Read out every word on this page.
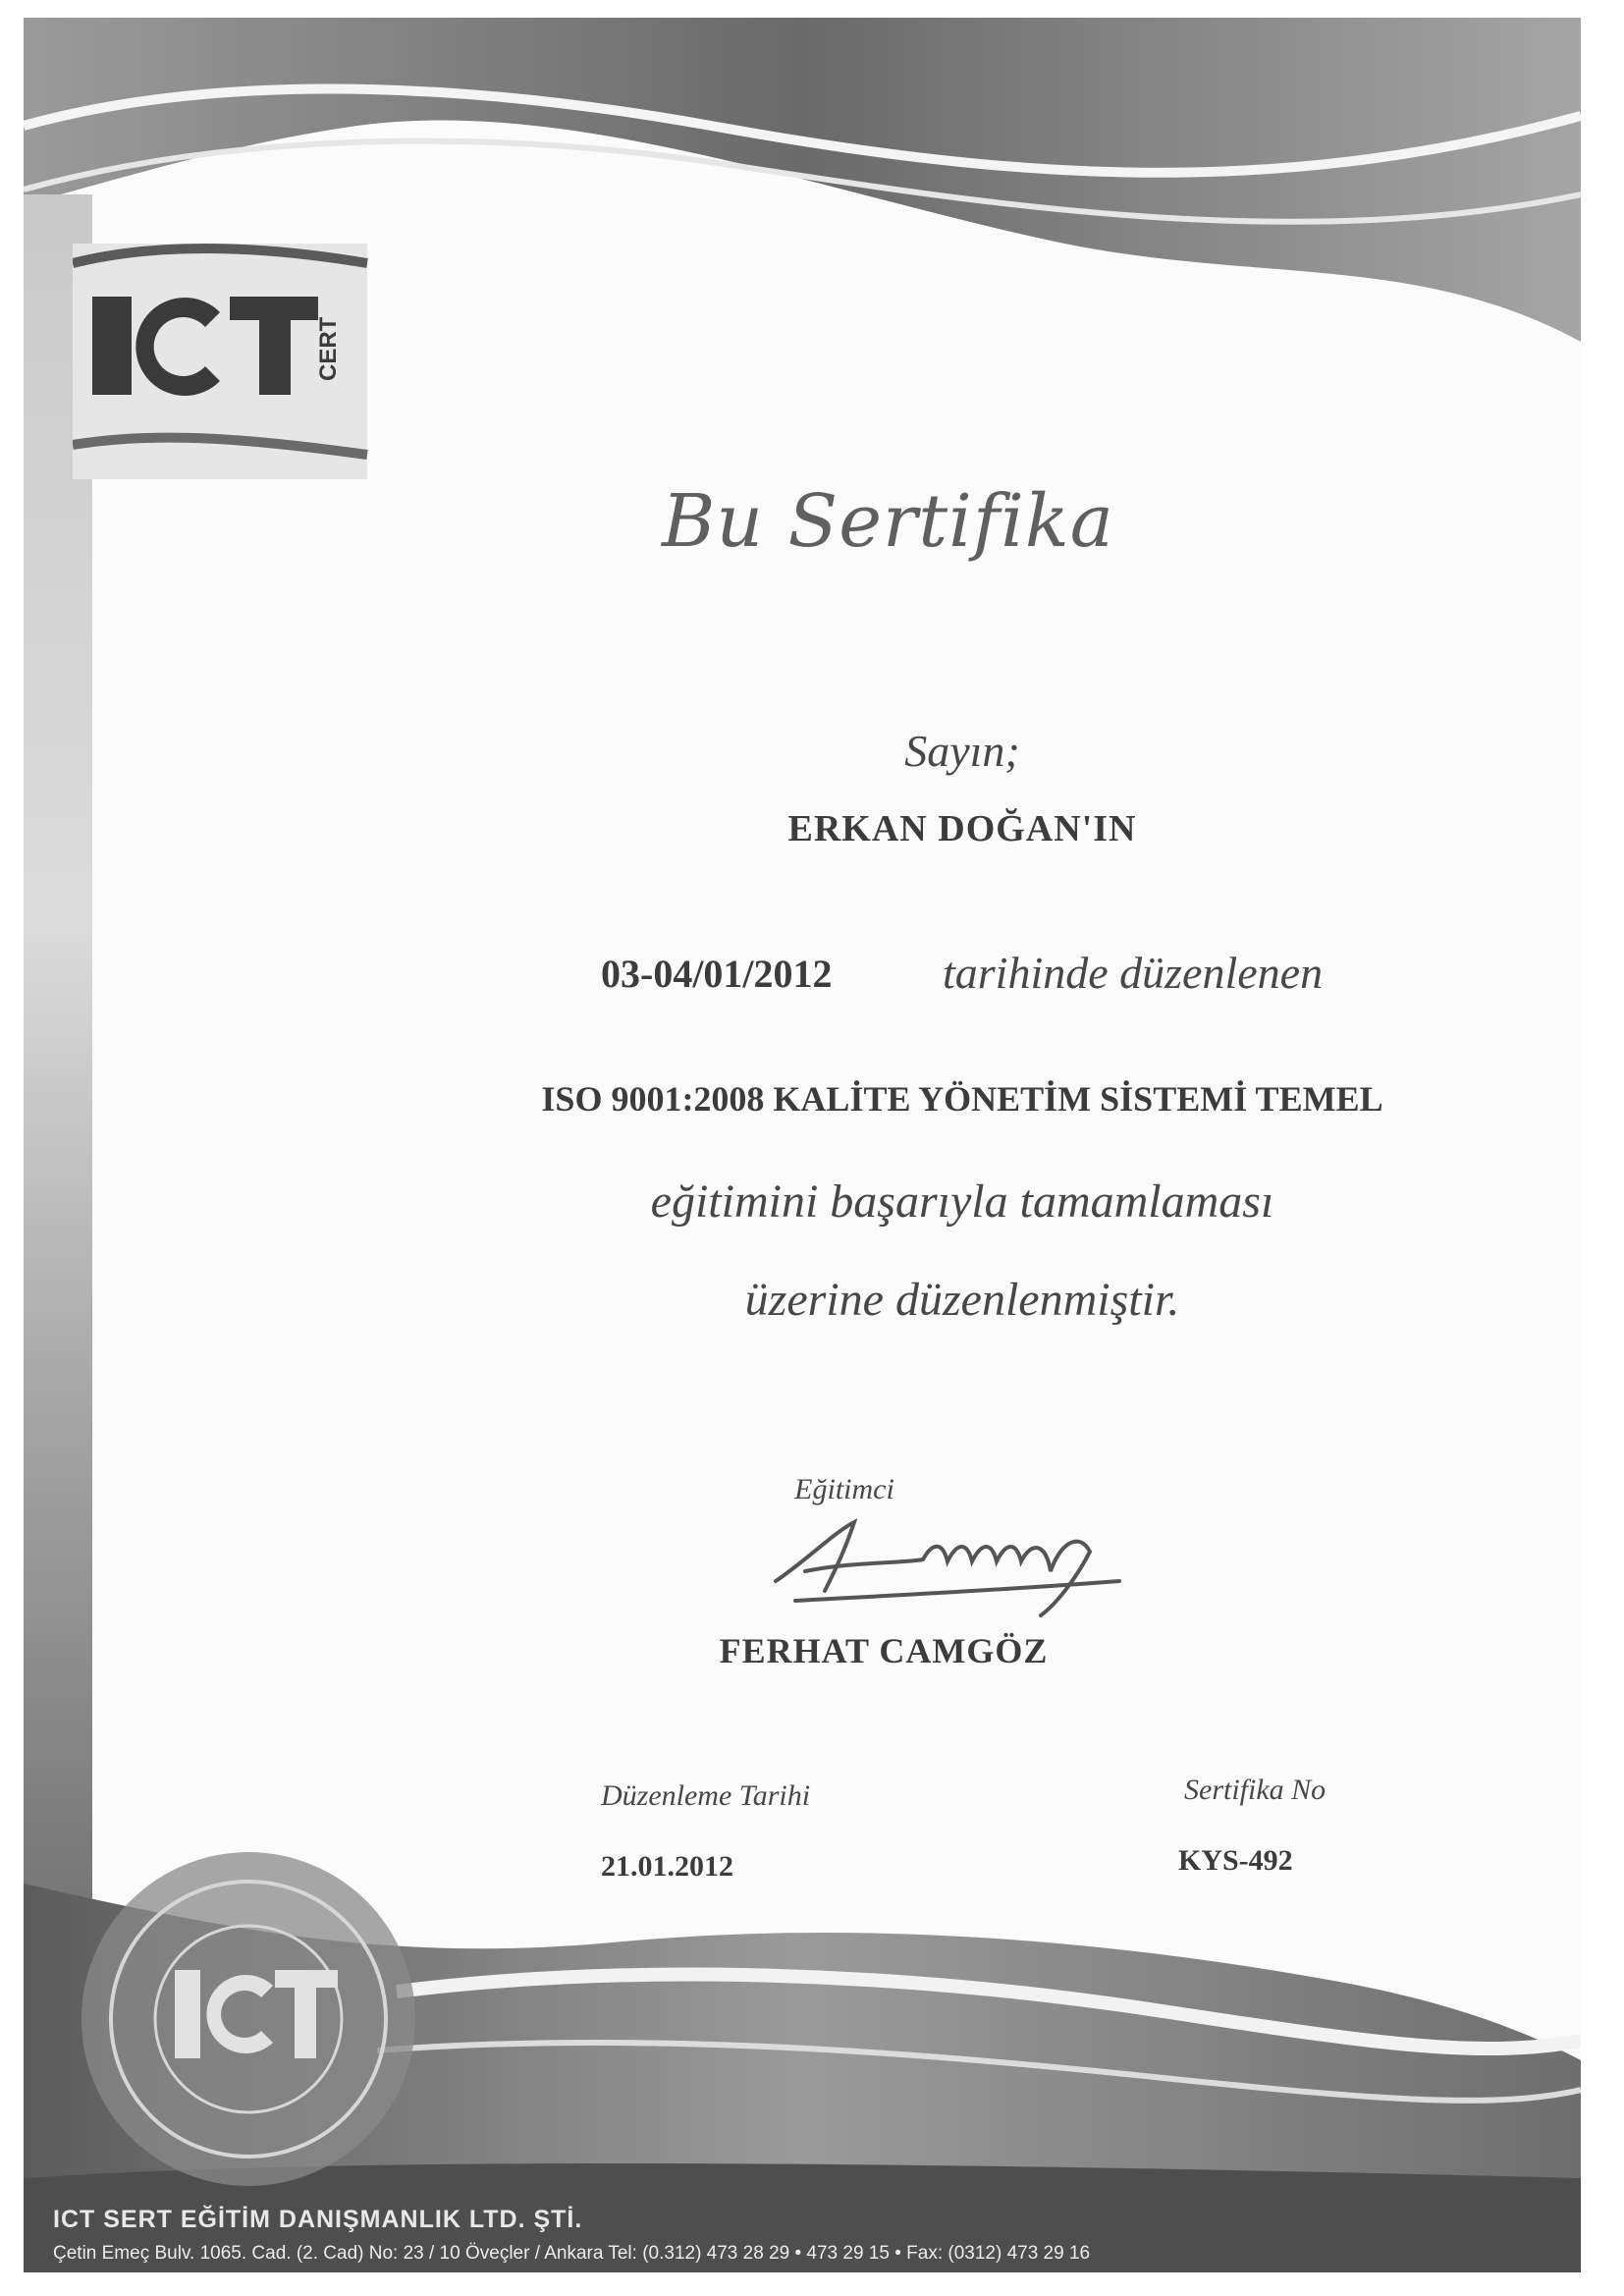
CERT
Bu Sertifika
ICT SERT EĞİTİM DANIŞMANLIK LTD. ŞTİ.
Çetin Emeç Bulv. 1065. Cad. (2. Cad) No: 23 / 10 Öveçler / Ankara Tel: (0.312) 473 28 29 • 473 29 15 • Fax: (0312) 473 29 16
Sayın;
ERKAN DOĞAN'IN
03-04/01/2012 tarihinde düzenlenen
ISO 9001:2008 KALİTE YÖNETİM SİSTEMİ TEMEL
eğitimini başarıyla tamamlaması
üzerine düzenlenmiştir.
Eğitimci
FERHAT CAMGÖZ
Düzenleme Tarihi
21.01.2012
Sertifika No
KYS-492
